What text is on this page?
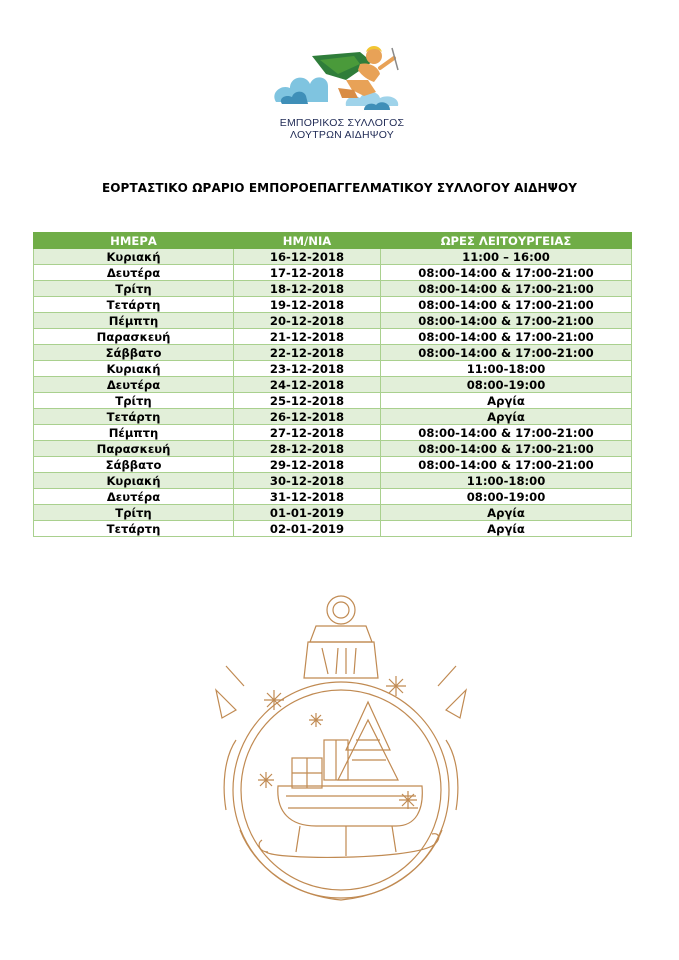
ΕΜΠΟΡΙΚΟΣ ΣΥΛΛΟΓΟΣ
ΛΟΥΤΡΩΝ ΑΙΔΗΨΟΥ
ΕΟΡΤΑΣΤΙΚΟ ΩΡΑΡΙΟ ΕΜΠΟΡΟΕΠΑΓΓΕΛΜΑΤΙΚΟΥ ΣΥΛΛΟΓΟΥ ΑΙΔΗΨΟΥ
ΗΜΕΡΑ	ΗΜ/ΝΙΑ	ΩΡΕΣ ΛΕΙΤΟΥΡΓΕΙΑΣ
Κυριακή	16-12-2018	11:00 – 16:00
Δευτέρα	17-12-2018	08:00-14:00 & 17:00-21:00
Τρίτη	18-12-2018	08:00-14:00 & 17:00-21:00
Τετάρτη	19-12-2018	08:00-14:00 & 17:00-21:00
Πέμπτη	20-12-2018	08:00-14:00 & 17:00-21:00
Παρασκευή	21-12-2018	08:00-14:00 & 17:00-21:00
Σάββατο	22-12-2018	08:00-14:00 & 17:00-21:00
Κυριακή	23-12-2018	11:00-18:00
Δευτέρα	24-12-2018	08:00-19:00
Τρίτη	25-12-2018	Αργία
Τετάρτη	26-12-2018	Αργία
Πέμπτη	27-12-2018	08:00-14:00 & 17:00-21:00
Παρασκευή	28-12-2018	08:00-14:00 & 17:00-21:00
Σάββατο	29-12-2018	08:00-14:00 & 17:00-21:00
Κυριακή	30-12-2018	11:00-18:00
Δευτέρα	31-12-2018	08:00-19:00
Τρίτη	01-01-2019	Αργία
Τετάρτη	02-01-2019	Αργία
